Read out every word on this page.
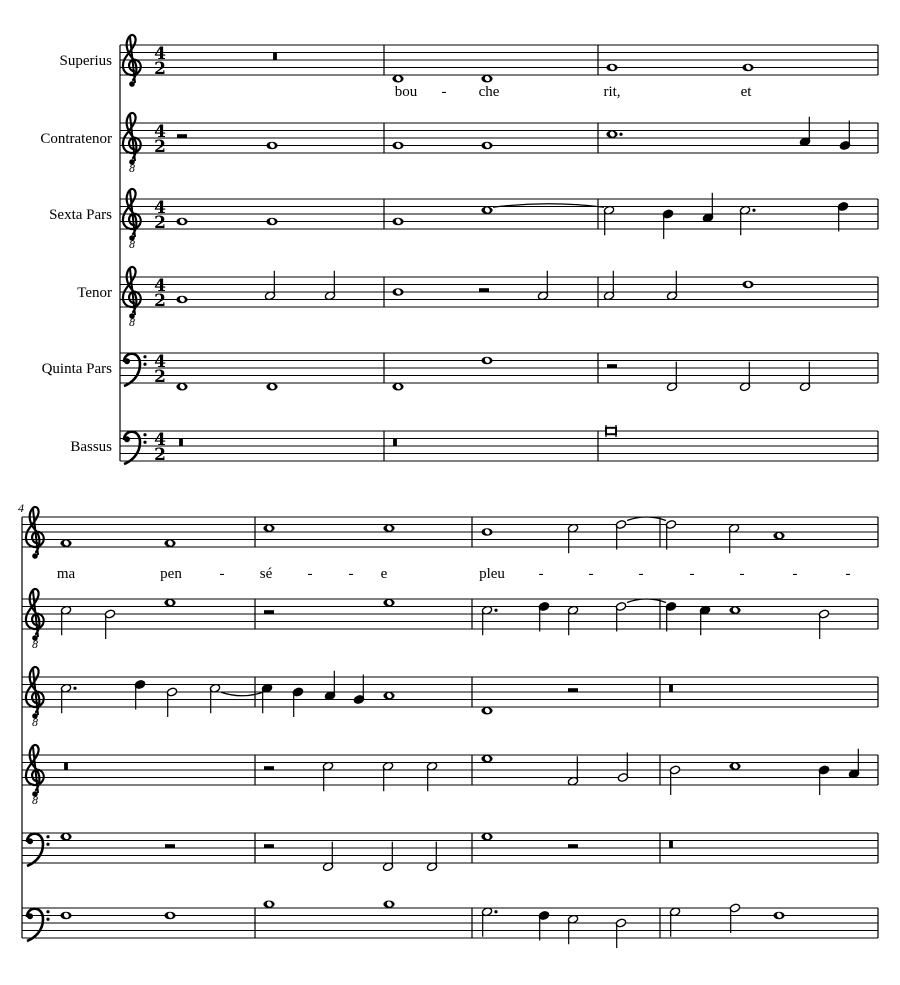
Superius 4
2
Contratenor
8
4
2
Sexta Pars
8
4
2
Tenor
8
4
2
Quinta Pars 4
2
Bassus 4
2
bou - che	rit,	et
4
8
8
8
ma	pen	- sé - - e	pleu -	-	-	-	-	-	-
